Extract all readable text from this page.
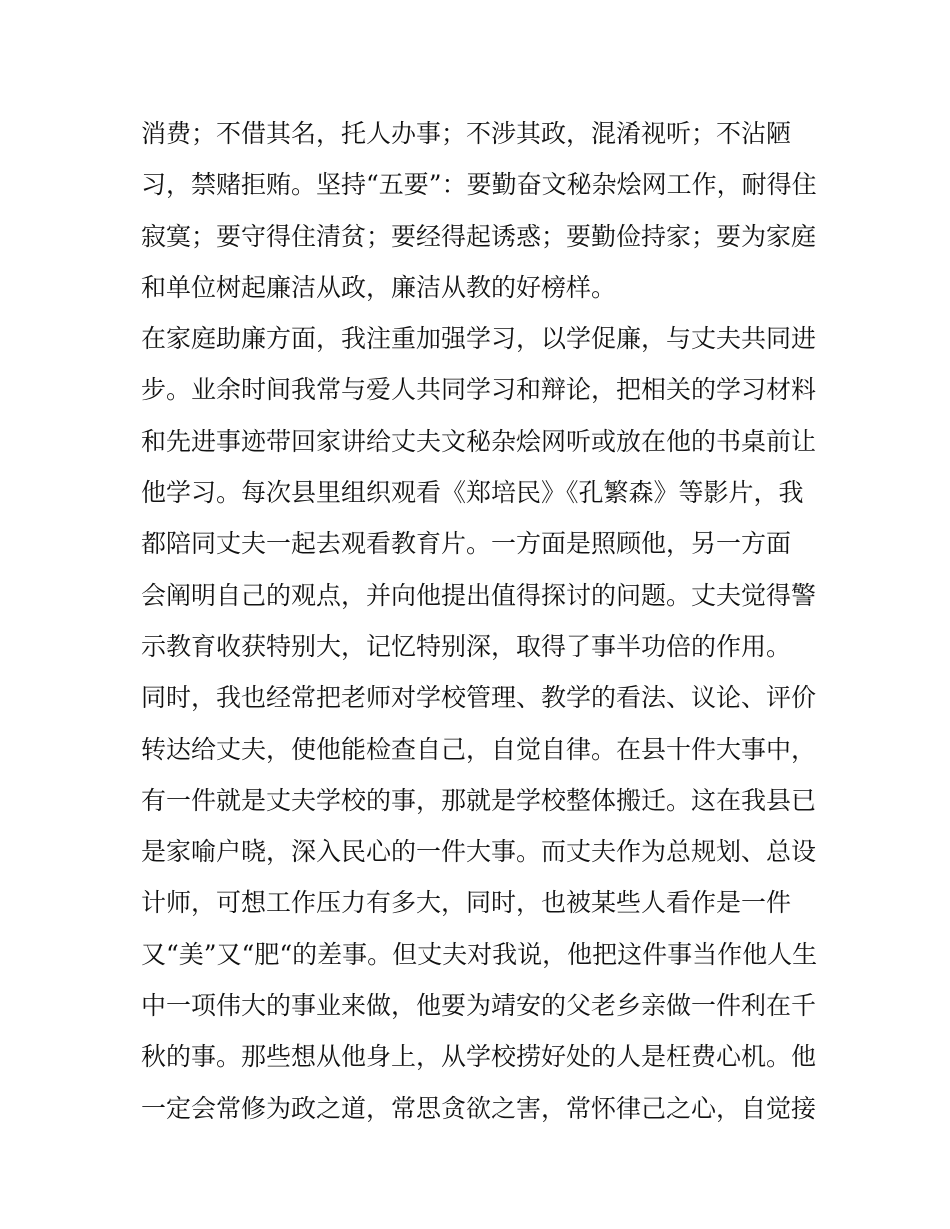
消费；不借其名，托人办事；不涉其政，混淆视听；不沾陋
习，禁赌拒贿。坚持“五要”：要勤奋文秘杂烩网工作，耐得住
寂寞；要守得住清贫；要经得起诱惑；要勤俭持家；要为家庭
和单位树起廉洁从政，廉洁从教的好榜样。
在家庭助廉方面，我注重加强学习，以学促廉，与丈夫共同进
步。业余时间我常与爱人共同学习和辩论，把相关的学习材料
和先进事迹带回家讲给丈夫文秘杂烩网听或放在他的书桌前让
他学习。每次县里组织观看《郑培民》《孔繁森》等影片，我
都陪同丈夫一起去观看教育片。一方面是照顾他，另一方面
会阐明自己的观点，并向他提出值得探讨的问题。丈夫觉得警
示教育收获特别大，记忆特别深，取得了事半功倍的作用。
同时，我也经常把老师对学校管理、教学的看法、议论、评价
转达给丈夫，使他能检查自己，自觉自律。在县十件大事中，
有一件就是丈夫学校的事，那就是学校整体搬迁。这在我县已
是家喻户晓，深入民心的一件大事。而丈夫作为总规划、总设
计师，可想工作压力有多大，同时，也被某些人看作是一件
又“美”又“肥“的差事。但丈夫对我说，他把这件事当作他人生
中一项伟大的事业来做，他要为靖安的父老乡亲做一件利在千
秋的事。那些想从他身上，从学校捞好处的人是枉费心机。他
一定会常修为政之道，常思贪欲之害，常怀律己之心，自觉接
